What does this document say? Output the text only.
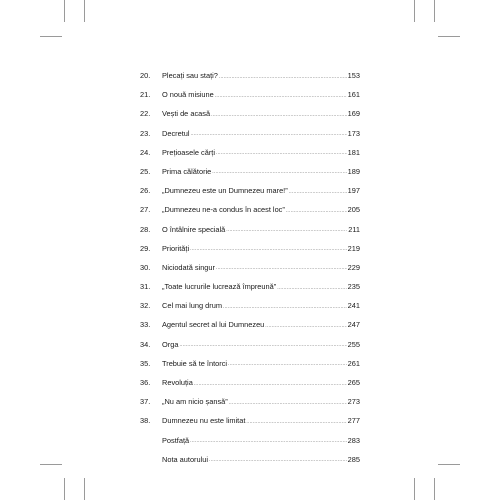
20.	Plecați sau stați? .....	153
21.	O nouă misiune .....	161
22.	Vești de acasă .....	169
23.	Decretul .....	173
24.	Prețioasele cărți .....	181
25.	Prima călătorie .....	189
26.	„Dumnezeu este un Dumnezeu mare!” .....	197
27.	„Dumnezeu ne-a condus în acest loc” .....	205
28.	O întâlnire specială .....	211
29.	Priorități .....	219
30.	Niciodată singur .....	229
31.	„Toate lucrurile lucrează împreună” .....	235
32.	Cel mai lung drum .....	241
33.	Agentul secret al lui Dumnezeu .....	247
34.	Orga .....	255
35.	Trebuie să te întorci .....	261
36.	Revoluția .....	265
37.	„Nu am nicio șansă” .....	273
38.	Dumnezeu nu este limitat .....	277
Postfață .....	283
Nota autorului .....	285
